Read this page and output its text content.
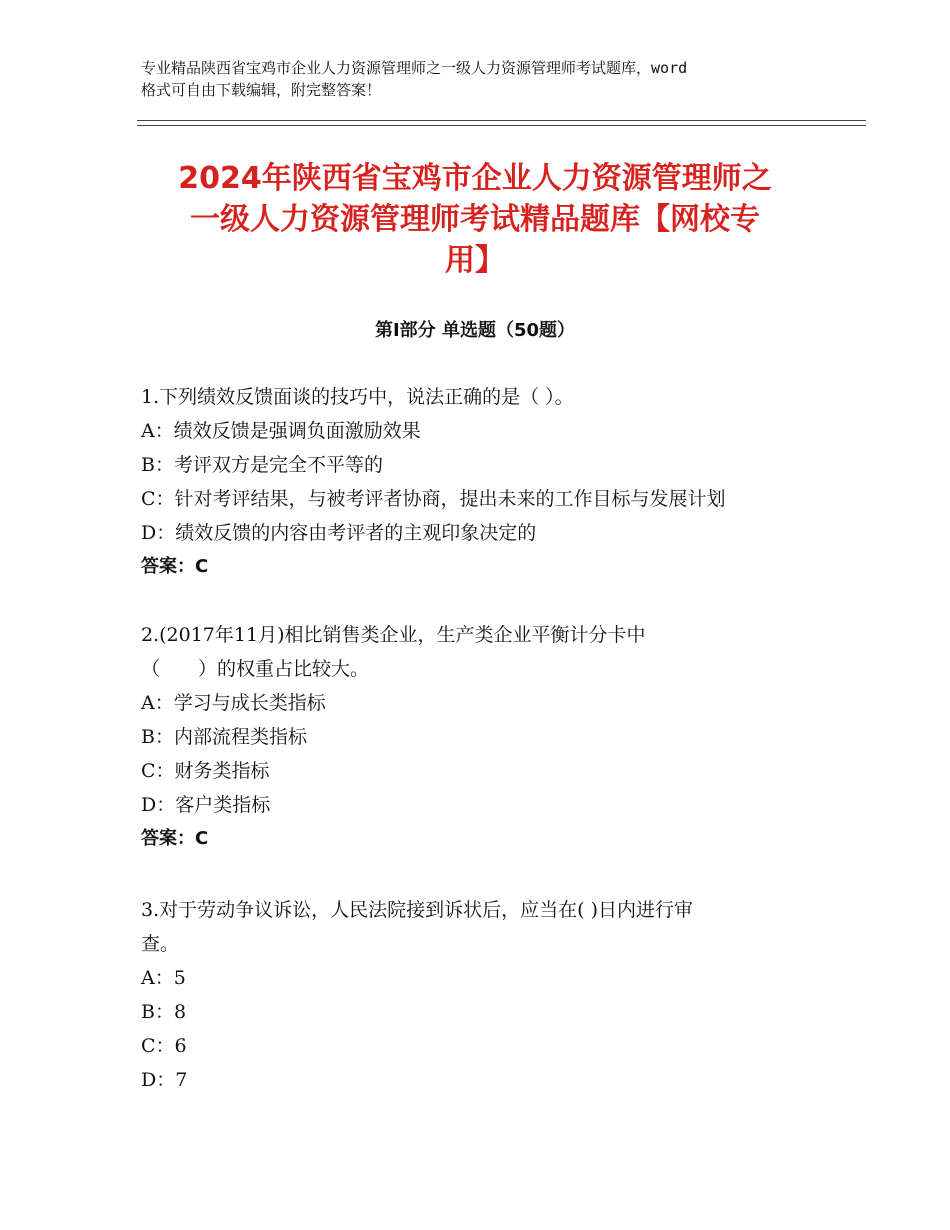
专业精品陕西省宝鸡市企业人力资源管理师之一级人力资源管理师考试题库，word
格式可自由下载编辑，附完整答案！
2024年陕西省宝鸡市企业人力资源管理师之
一级人力资源管理师考试精品题库【网校专
用】
第Ⅰ部分 单选题（50题）
1.下列绩效反馈面谈的技巧中，说法正确的是（ ）。
A：绩效反馈是强调负面激励效果
B：考评双方是完全不平等的
C：针对考评结果，与被考评者协商，提出未来的工作目标与发展计划
D：绩效反馈的内容由考评者的主观印象决定的
答案：C
2.(2017年11月)相比销售类企业，生产类企业平衡计分卡中
（　　）的权重占比较大。
A：学习与成长类指标
B：内部流程类指标
C：财务类指标
D：客户类指标
答案：C
3.对于劳动争议诉讼，人民法院接到诉状后，应当在( )日内进行审
查。
A：5
B：8
C：6
D：7
